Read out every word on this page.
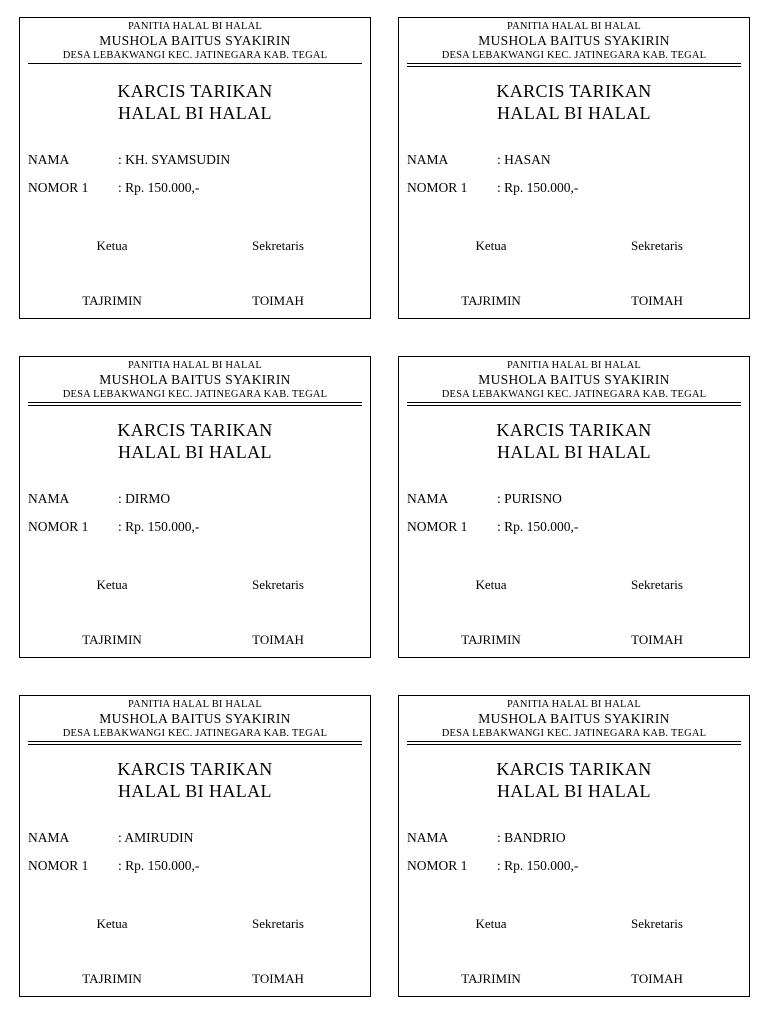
PANITIA HALAL BI HALAL
MUSHOLA BAITUS SYAKIRIN
DESA LEBAKWANGI KEC. JATINEGARA KAB. TEGAL
KARCIS TARIKAN
HALAL BI HALAL
NAMA	: KH. SYAMSUDIN
NOMOR 1 : Rp. 150.000,-
Ketua	Sekretaris
TAJRIMIN	TOIMAH
PANITIA HALAL BI HALAL
MUSHOLA BAITUS SYAKIRIN
DESA LEBAKWANGI KEC. JATINEGARA KAB. TEGAL
KARCIS TARIKAN
HALAL BI HALAL
NAMA	: HASAN
NOMOR 1 : Rp. 150.000,-
Ketua	Sekretaris
TAJRIMIN	TOIMAH
PANITIA HALAL BI HALAL
MUSHOLA BAITUS SYAKIRIN
DESA LEBAKWANGI KEC. JATINEGARA KAB. TEGAL
KARCIS TARIKAN
HALAL BI HALAL
NAMA	: DIRMO
NOMOR 1 : Rp. 150.000,-
Ketua	Sekretaris
TAJRIMIN	TOIMAH
PANITIA HALAL BI HALAL
MUSHOLA BAITUS SYAKIRIN
DESA LEBAKWANGI KEC. JATINEGARA KAB. TEGAL
KARCIS TARIKAN
HALAL BI HALAL
NAMA	: PURISNO
NOMOR 1 : Rp. 150.000,-
Ketua	Sekretaris
TAJRIMIN	TOIMAH
PANITIA HALAL BI HALAL
MUSHOLA BAITUS SYAKIRIN
DESA LEBAKWANGI KEC. JATINEGARA KAB. TEGAL
KARCIS TARIKAN
HALAL BI HALAL
NAMA	: AMIRUDIN
NOMOR 1 : Rp. 150.000,-
Ketua	Sekretaris
TAJRIMIN	TOIMAH
PANITIA HALAL BI HALAL
MUSHOLA BAITUS SYAKIRIN
DESA LEBAKWANGI KEC. JATINEGARA KAB. TEGAL
KARCIS TARIKAN
HALAL BI HALAL
NAMA	: BANDRIO
NOMOR 1 : Rp. 150.000,-
Ketua	Sekretaris
TAJRIMIN	TOIMAH
